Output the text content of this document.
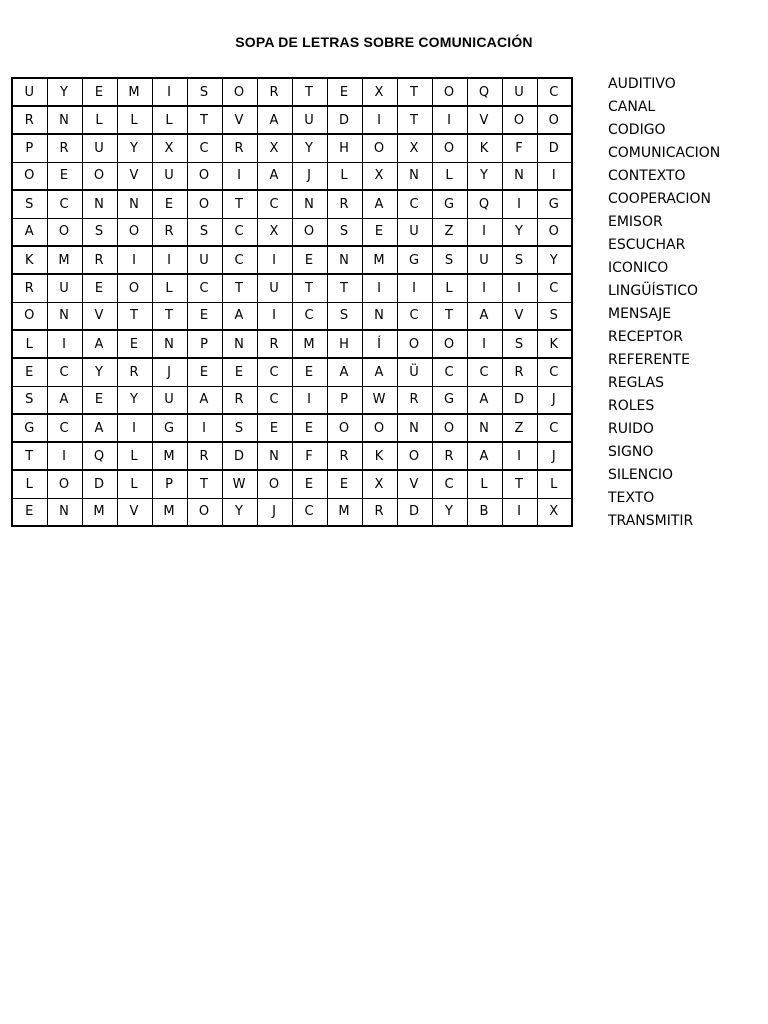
SOPA DE LETRAS SOBRE COMUNICACIÓN
U	Y	E	M	I	S	O	R	T	E	X	T	O	Q	U	C
R	N	L	L	L	T	V	A	U	D	I	T	I	V	O	O
P	R	U	Y	X	C	R	X	Y	H	O	X	O	K	F	D
O	E	O	V	U	O	I	A	J	L	X	N	L	Y	N	I
S	C	N	N	E	O	T	C	N	R	A	C	G	Q	I	G
A	O	S	O	R	S	C	X	O	S	E	U	Z	I	Y	O
K	M	R	I	I	U	C	I	E	N	M	G	S	U	S	Y
R	U	E	O	L	C	T	U	T	T	I	I	L	I	I	C
O	N	V	T	T	E	A	I	C	S	N	C	T	A	V	S
L	I	A	E	N	P	N	R	M	H	Í	O	O	I	S	K
E	C	Y	R	J	E	E	C	E	A	A	Ü	C	C	R	C
S	A	E	Y	U	A	R	C	I	P	W	R	G	A	D	J
G	C	A	I	G	I	S	E	E	O	O	N	O	N	Z	C
T	I	Q	L	M	R	D	N	F	R	K	O	R	A	I	J
L	O	D	L	P	T	W	O	E	E	X	V	C	L	T	L
E	N	M	V	M	O	Y	J	C	M	R	D	Y	B	I	X
AUDITIVO
CANAL
CODIGO
COMUNICACION
CONTEXTO
COOPERACION
EMISOR
ESCUCHAR
ICONICO
LINGÜÍSTICO
MENSAJE
RECEPTOR
REFERENTE
REGLAS
ROLES
RUIDO
SIGNO
SILENCIO
TEXTO
TRANSMITIR
